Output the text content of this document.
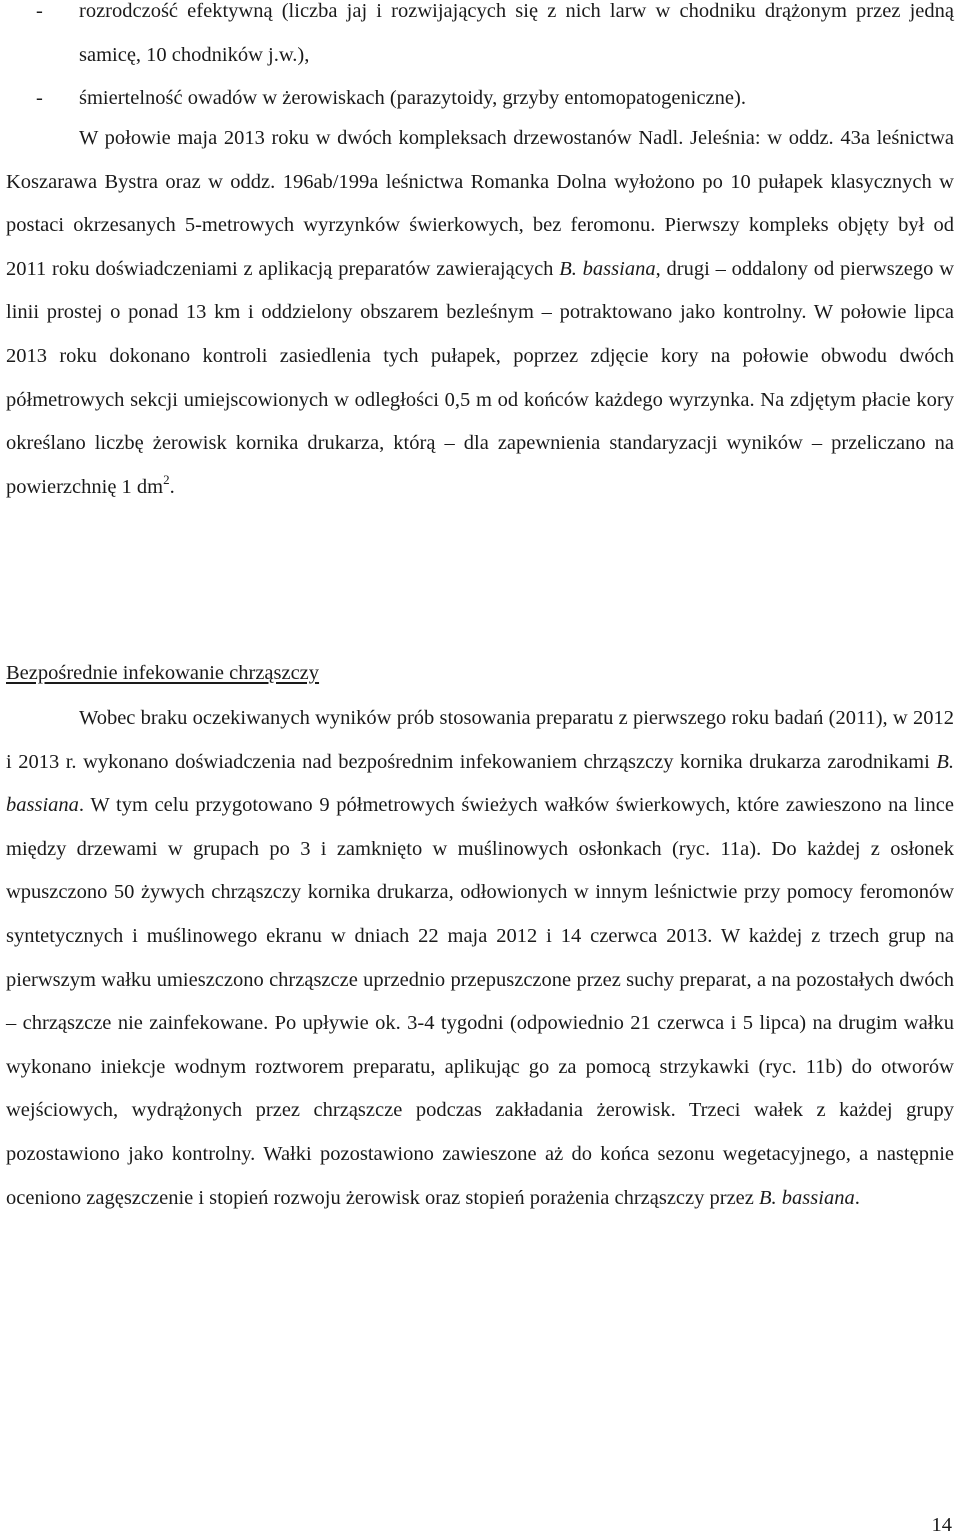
- rozrodczość efektywną (liczba jaj i rozwijających się z nich larw w chodniku drążonym przez jedną samicę, 10 chodników j.w.),
- śmiertelność owadów w żerowiskach (parazytoidy, grzyby entomopatogeniczne).

W połowie maja 2013 roku w dwóch kompleksach drzewostanów Nadl. Jeleśnia: w oddz. 43a leśnictwa Koszarawa Bystra oraz w oddz. 196ab/199a leśnictwa Romanka Dolna wyłożono po 10 pułapek klasycznych w postaci okrzesanych 5-metrowych wyrzynków świerkowych, bez feromonu. Pierwszy kompleks objęty był od 2011 roku doświadczeniami z aplikacją preparatów zawierających B. bassiana, drugi – oddalony od pierwszego w linii prostej o ponad 13 km i oddzielony obszarem bezleśnym – potraktowano jako kontrolny. W połowie lipca 2013 roku dokonano kontroli zasiedlenia tych pułapek, poprzez zdjęcie kory na połowie obwodu dwóch półmetrowych sekcji umiejscowionych w odległości 0,5 m od końców każdego wyrzynka. Na zdjętym płacie kory określano liczbę żerowisk kornika drukarza, którą – dla zapewnienia standaryzacji wyników – przeliczano na powierzchnię 1 $dm^2$.

Bezpośrednie infekowanie chrząszczy

Wobec braku oczekiwanych wyników prób stosowania preparatu z pierwszego roku badań (2011), w 2012 i 2013 r. wykonano doświadczenia nad bezpośrednim infekowaniem chrząszczy kornika drukarza zarodnikami B. bassiana. W tym celu przygotowano 9 półmetrowych świeżych wałków świerkowych, które zawieszono na lince między drzewami w grupach po 3 i zamknięto w muślinowych osłonkach (ryc. 11a). Do każdej z osłonek wpuszczono 50 żywych chrząszczy kornika drukarza, odłowionych w innym leśnictwie przy pomocy feromonów syntetycznych i muślinowego ekranu w dniach 22 maja 2012 i 14 czerwca 2013. W każdej z trzech grup na pierwszym wałku umieszczono chrząszcze uprzednio przepuszczone przez suchy preparat, a na pozostałych dwóch – chrząszcze nie zainfekowane. Po upływie ok. 3-4 tygodni (odpowiednio 21 czerwca i 5 lipca) na drugim wałku wykonano iniekcje wodnym roztworem preparatu, aplikując go za pomocą strzykawki (ryc. 11b) do otworów wejściowych, wydrążonych przez chrząszcze podczas zakładania żerowisk. Trzeci wałek z każdej grupy pozostawiono jako kontrolny. Wałki pozostawiono zawieszone aż do końca sezonu wegetacyjnego, a następnie oceniono zagęszczenie i stopień rozwoju żerowisk oraz stopień porażenia chrząszczy przez B. bassiana.

14
